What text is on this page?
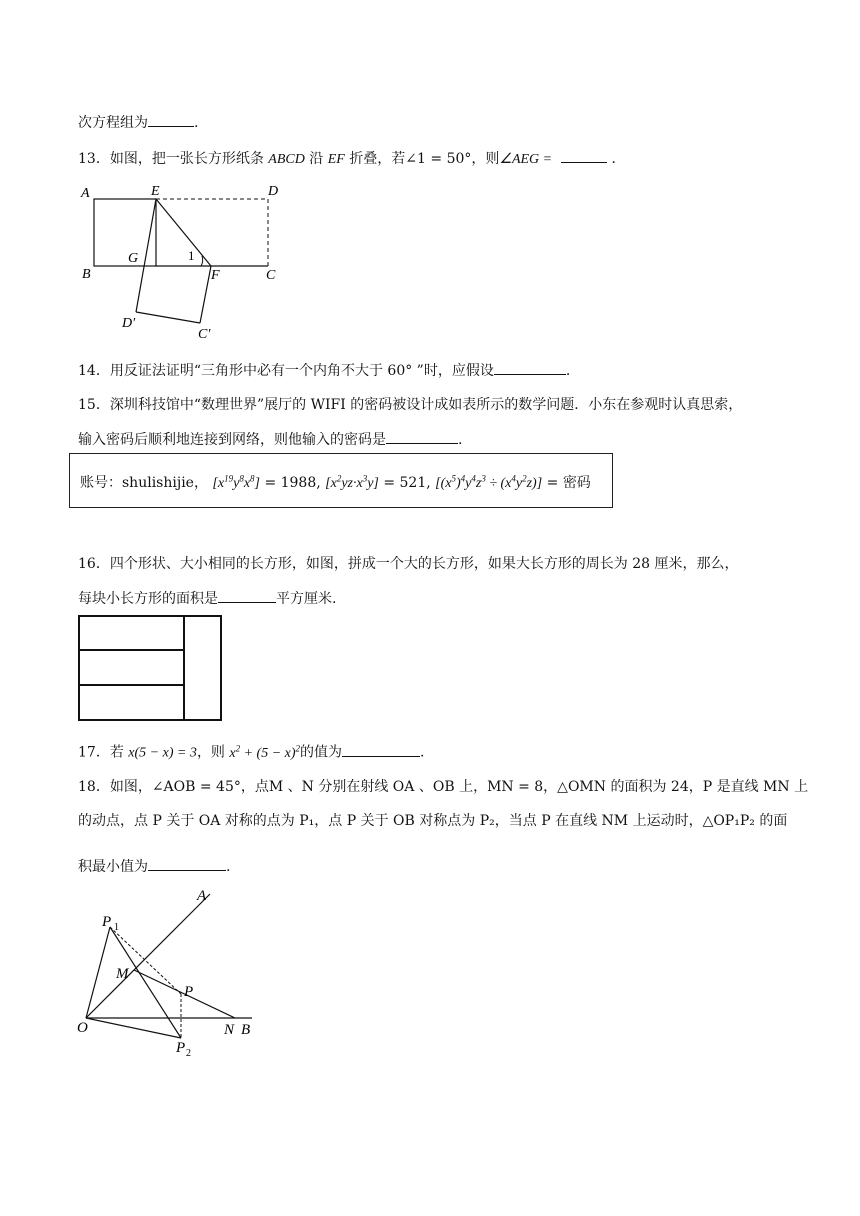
次方程组为	.
13．如图，把一张长方形纸条 ABCD 沿 EF 折叠，若∠1 = 50°，则∠AEG =	．
A	E	D
B
G	1
F	C
D′
C′
14．用反证法证明“三角形中必有一个内角不大于 60° ”时，应假设	.
15．深圳科技馆中“数理世界”展厅的 WIFI 的密码被设计成如表所示的数学问题．小东在参观时认真思索，
输入密码后顺利地连接到网络，则他输入的密码是	.
账号：shulishijie， $[x^{19}y^8x^8] = 1988$, $[x^2yz\cdot x^3y] = 521$, $[(x^5)^4y^4z^3 \div (x^4y^2z)]$ = 密码
16．四个形状、大小相同的长方形，如图，拼成一个大的长方形，如果大长方形的周长为 28 厘米，那么，
每块小长方形的面积是	平方厘米.
17．若 x(5 − x) = 3，则 $x^2 + (5 - x)^2$的值为	.
18．如图，∠AOB = 45°，点M 、N 分别在射线 OA 、OB 上，MN = 8，△OMN 的面积为 24，P 是直线 MN 上
的动点，点 P 关于 OA 对称的点为 P₁，点 P 关于 OB 对称点为 P₂，当点 P 在直线 NM 上运动时，△OP₁P₂ 的面
积最小值为	.
A
P 1
M
P
O	N B
P 2
